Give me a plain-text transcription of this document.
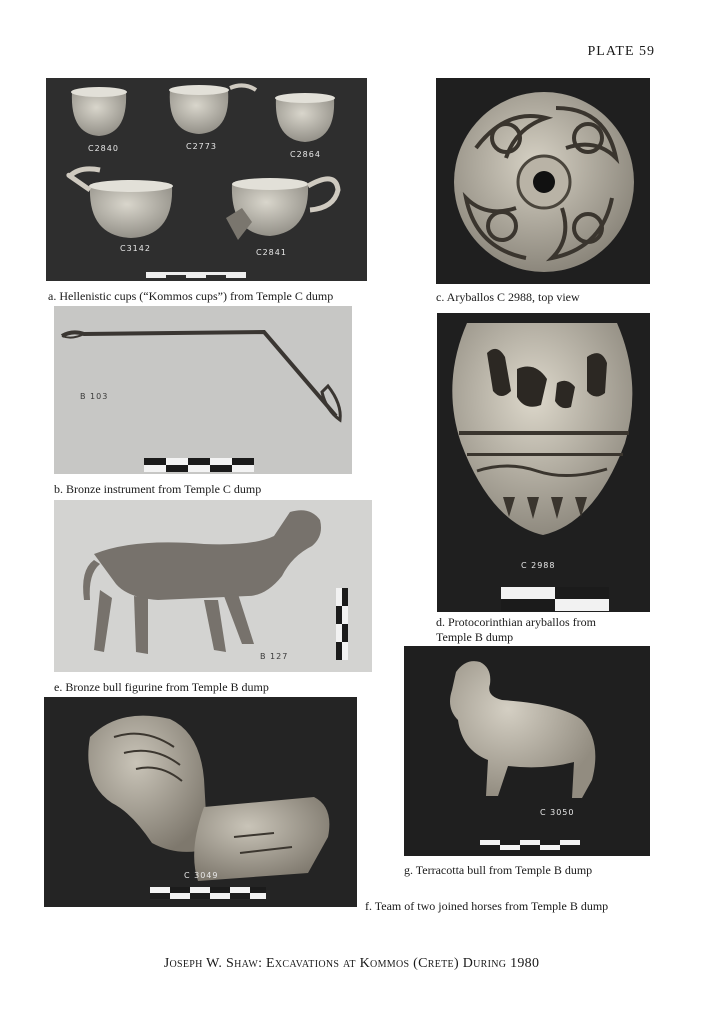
PLATE 59
C2840	C2773
C2864
C3142	C2841
a. Hellenistic cups (“Kommos cups”) from Temple C dump	c. Aryballos C 2988, top view
B 103
b. Bronze instrument from Temple C dump
C 2988
d. Protocorinthian aryballos from Temple B dump
B 127
e. Bronze bull figurine from Temple B dump
C 3050
g. Terracotta bull from Temple B dump
C 3049
f. Team of two joined horses from Temple B dump
Joseph W. Shaw: Excavations at Kommos (Crete) During 1980
